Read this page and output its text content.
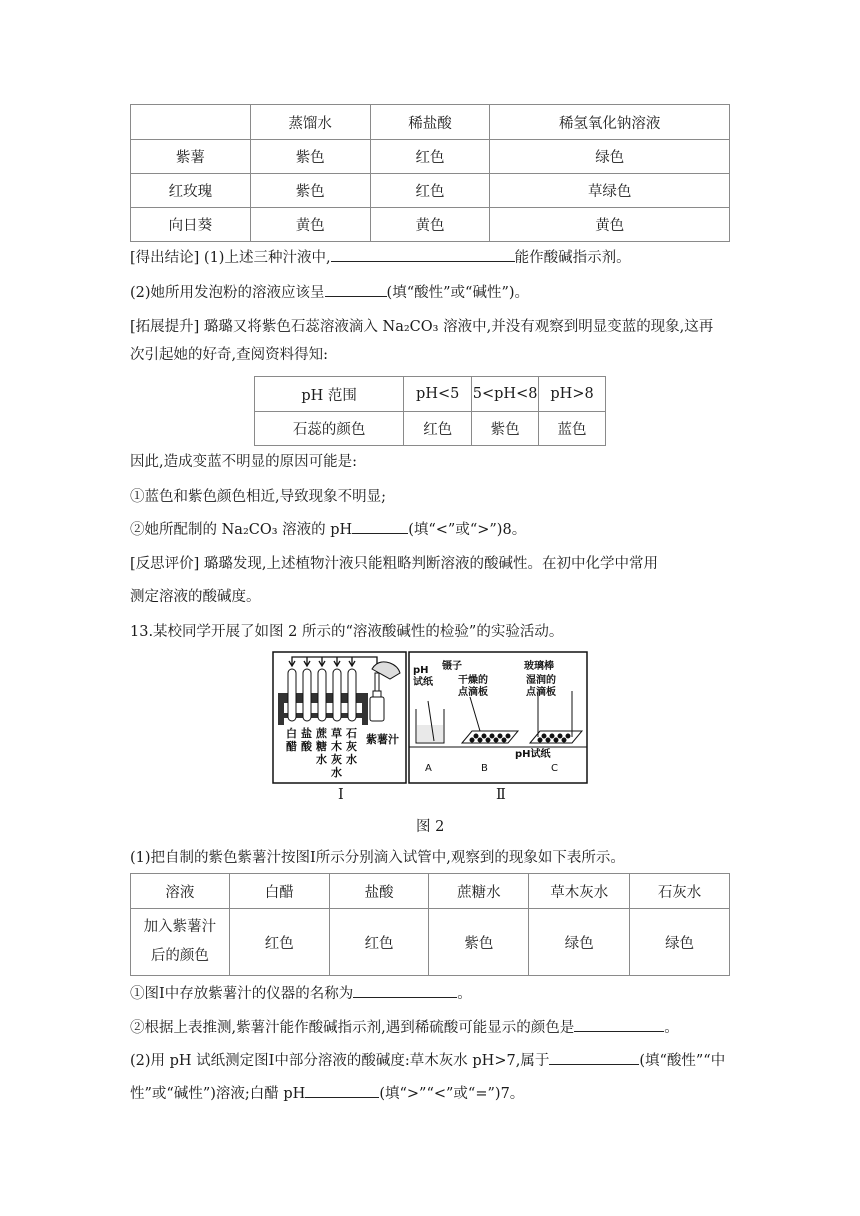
	蒸馏水	稀盐酸	稀氢氧化钠溶液
紫薯	紫色	红色	绿色
红玫瑰	紫色	红色	草绿色
向日葵	黄色	黄色	黄色
[得出结论] (1)上述三种汁液中,	能作酸碱指示剂。
(2)她所用发泡粉的溶液应该呈	(填“酸性”或“碱性”)。
[拓展提升] 璐璐又将紫色石蕊溶液滴入 Na₂CO₃ 溶液中,并没有观察到明显变蓝的现象,这再
次引起她的好奇,查阅资料得知:
pH 范围	pH<5	5<pH<8	pH>8
石蕊的颜色	红色	紫色	蓝色
因此,造成变蓝不明显的原因可能是:
①蓝色和紫色颜色相近,导致现象不明显;
②她所配制的 Na₂CO₃ 溶液的 pH	(填“<”或“>”)8。
[反思评价] 璐璐发现,上述植物汁液只能粗略判断溶液的酸碱性。在初中化学中常用
测定溶液的酸碱度。
13.某校同学开展了如图 2 所示的“溶液酸碱性的检验”的实验活动。
白
醋
盐
酸
蔗
糖
水
草
木
灰
水
石
灰
水
紫薯汁
pH
试纸
镊子
干燥的
点滴板
玻璃棒
湿润的
点滴板
pH试纸
A	B	C
Ⅰ	Ⅱ
图 2
(1)把自制的紫色紫薯汁按图Ⅰ所示分别滴入试管中,观察到的现象如下表所示。
溶液	白醋	盐酸	蔗糖水	草木灰水	石灰水

加入紫薯汁
后的颜色	红色	红色	紫色	绿色	绿色
①图Ⅰ中存放紫薯汁的仪器的名称为	。
②根据上表推测,紫薯汁能作酸碱指示剂,遇到稀硫酸可能显示的颜色是	。
(2)用 pH 试纸测定图Ⅰ中部分溶液的酸碱度:草木灰水 pH>7,属于	(填“酸性”“中
性”或“碱性”)溶液;白醋 pH	(填“>”“<”或“=”)7。
